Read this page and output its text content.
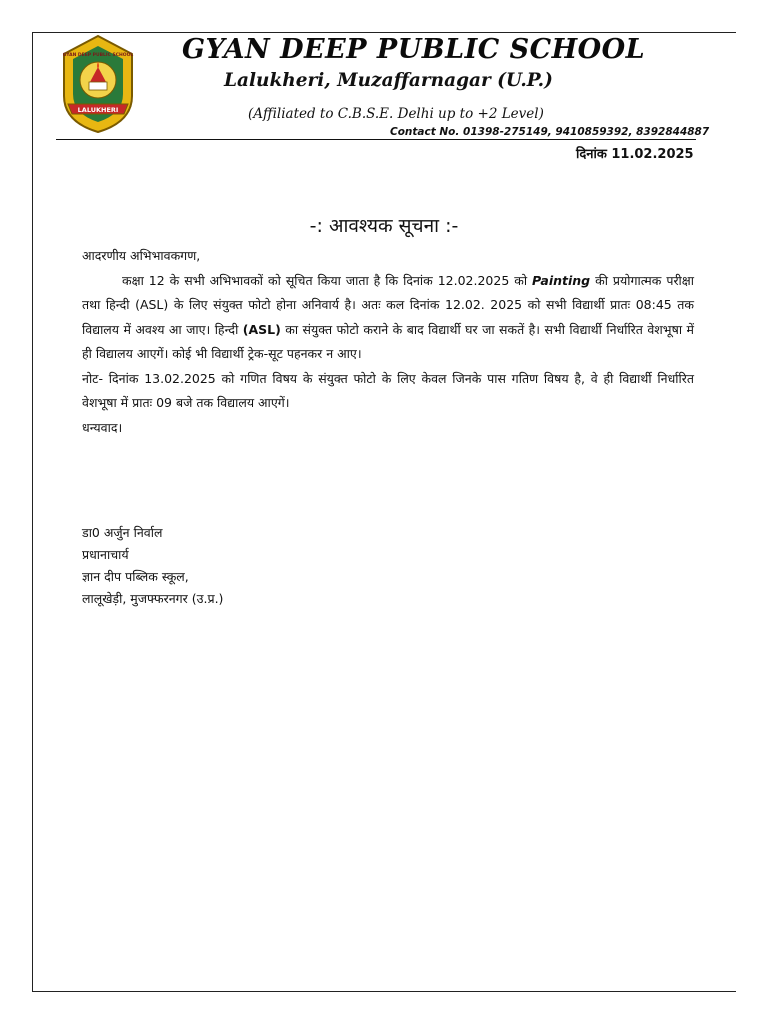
LALUKHERI
GYAN DEEP PUBLIC SCHOOL GYAN DEEP PUBLIC SCHOOL
Lalukheri, Muzaffarnagar (U.P.)
(Affiliated to C.B.S.E. Delhi up to +2 Level)
Contact No. 01398-275149, 9410859392, 8392844887
दिनांक 11.02.2025
-: आवश्यक सूचना :-

आदरणीय अभिभावकगण,

कक्षा 12 के सभी अभिभावकों को सूचित किया जाता है कि दिनांक 12.02.2025 को Painting की प्रयोगात्मक परीक्षा तथा हिन्दी (ASL) के लिए संयुक्त फोटो होना अनिवार्य है। अतः कल दिनांक 12.02. 2025 को सभी विद्यार्थी प्रातः 08:45 तक विद्यालय में अवश्य आ जाए। हिन्दी (ASL) का संयुक्त फोटो कराने के बाद विद्यार्थी घर जा सकतें है। सभी विद्यार्थी निर्धारित वेशभूषा में ही विद्यालय आएगें। कोई भी विद्यार्थी ट्रेक-सूट पहनकर न आए।

नोट- दिनांक 13.02.2025 को गणित विषय के संयुक्त फोटो के लिए केवल जिनके पास गतिण विषय है, वे ही विद्यार्थी निर्धारित वेशभूषा में प्रातः 09 बजे तक विद्यालय आएगें।

धन्यवाद।

डा0 अर्जुन निर्वाल
प्रधानाचार्य
ज्ञान दीप पब्लिक स्कूल,
लालूखेड़ी, मुजफ्फरनगर (उ.प्र.)
